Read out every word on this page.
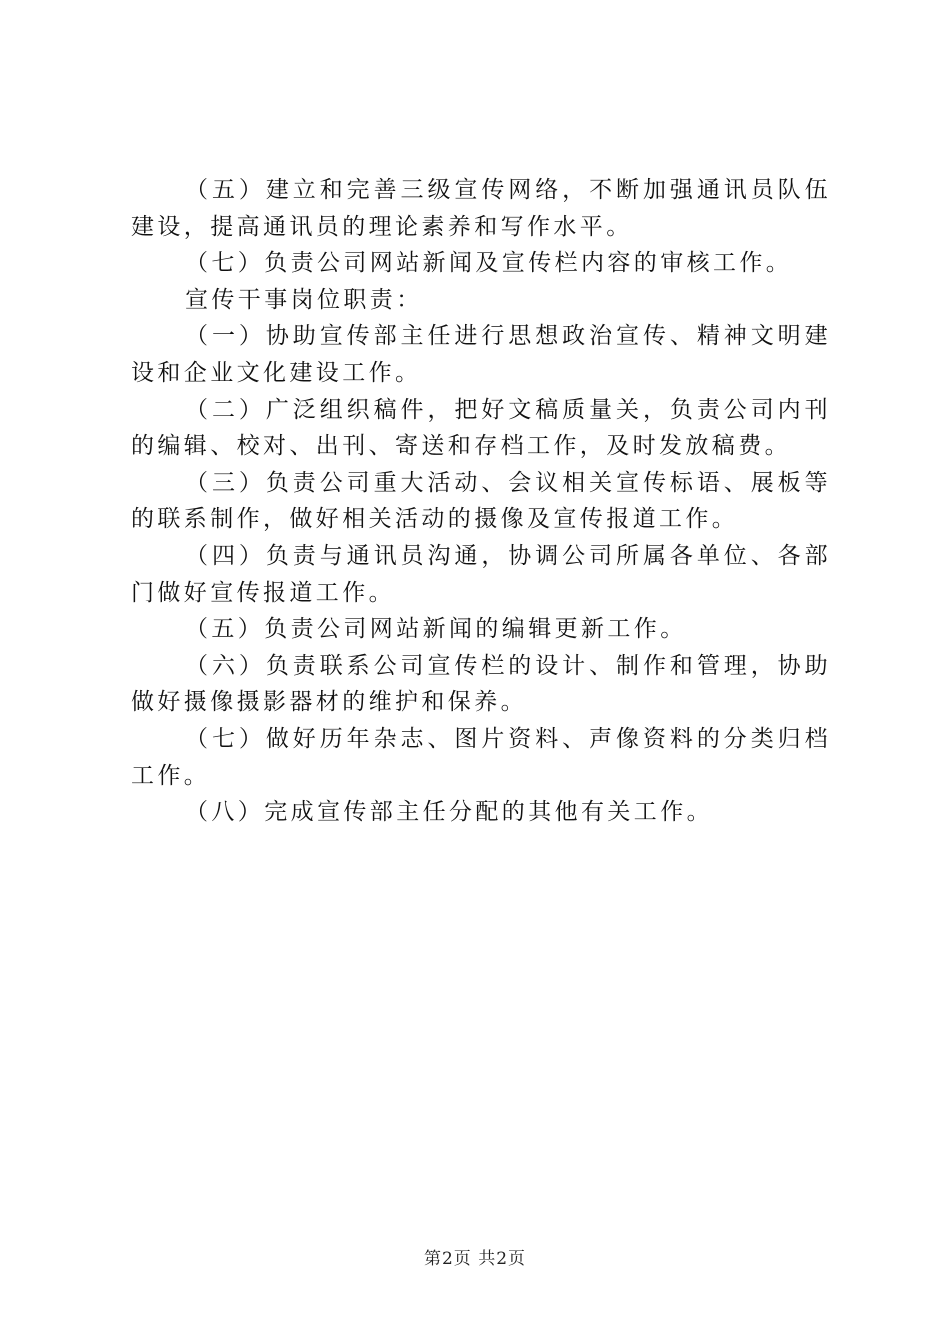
（五）建立和完善三级宣传网络，不断加强通讯员队伍建设，提高通讯员的理论素养和写作水平。

（七）负责公司网站新闻及宣传栏内容的审核工作。

宣传干事岗位职责：

（一）协助宣传部主任进行思想政治宣传、精神文明建设和企业文化建设工作。

（二）广泛组织稿件，把好文稿质量关，负责公司内刊的编辑、校对、出刊、寄送和存档工作，及时发放稿费。

（三）负责公司重大活动、会议相关宣传标语、展板等的联系制作，做好相关活动的摄像及宣传报道工作。

（四）负责与通讯员沟通，协调公司所属各单位、各部门做好宣传报道工作。

（五）负责公司网站新闻的编辑更新工作。

（六）负责联系公司宣传栏的设计、制作和管理，协助做好摄像摄影器材的维护和保养。

（七）做好历年杂志、图片资料、声像资料的分类归档工作。

（八）完成宣传部主任分配的其他有关工作。

第2页 共2页
